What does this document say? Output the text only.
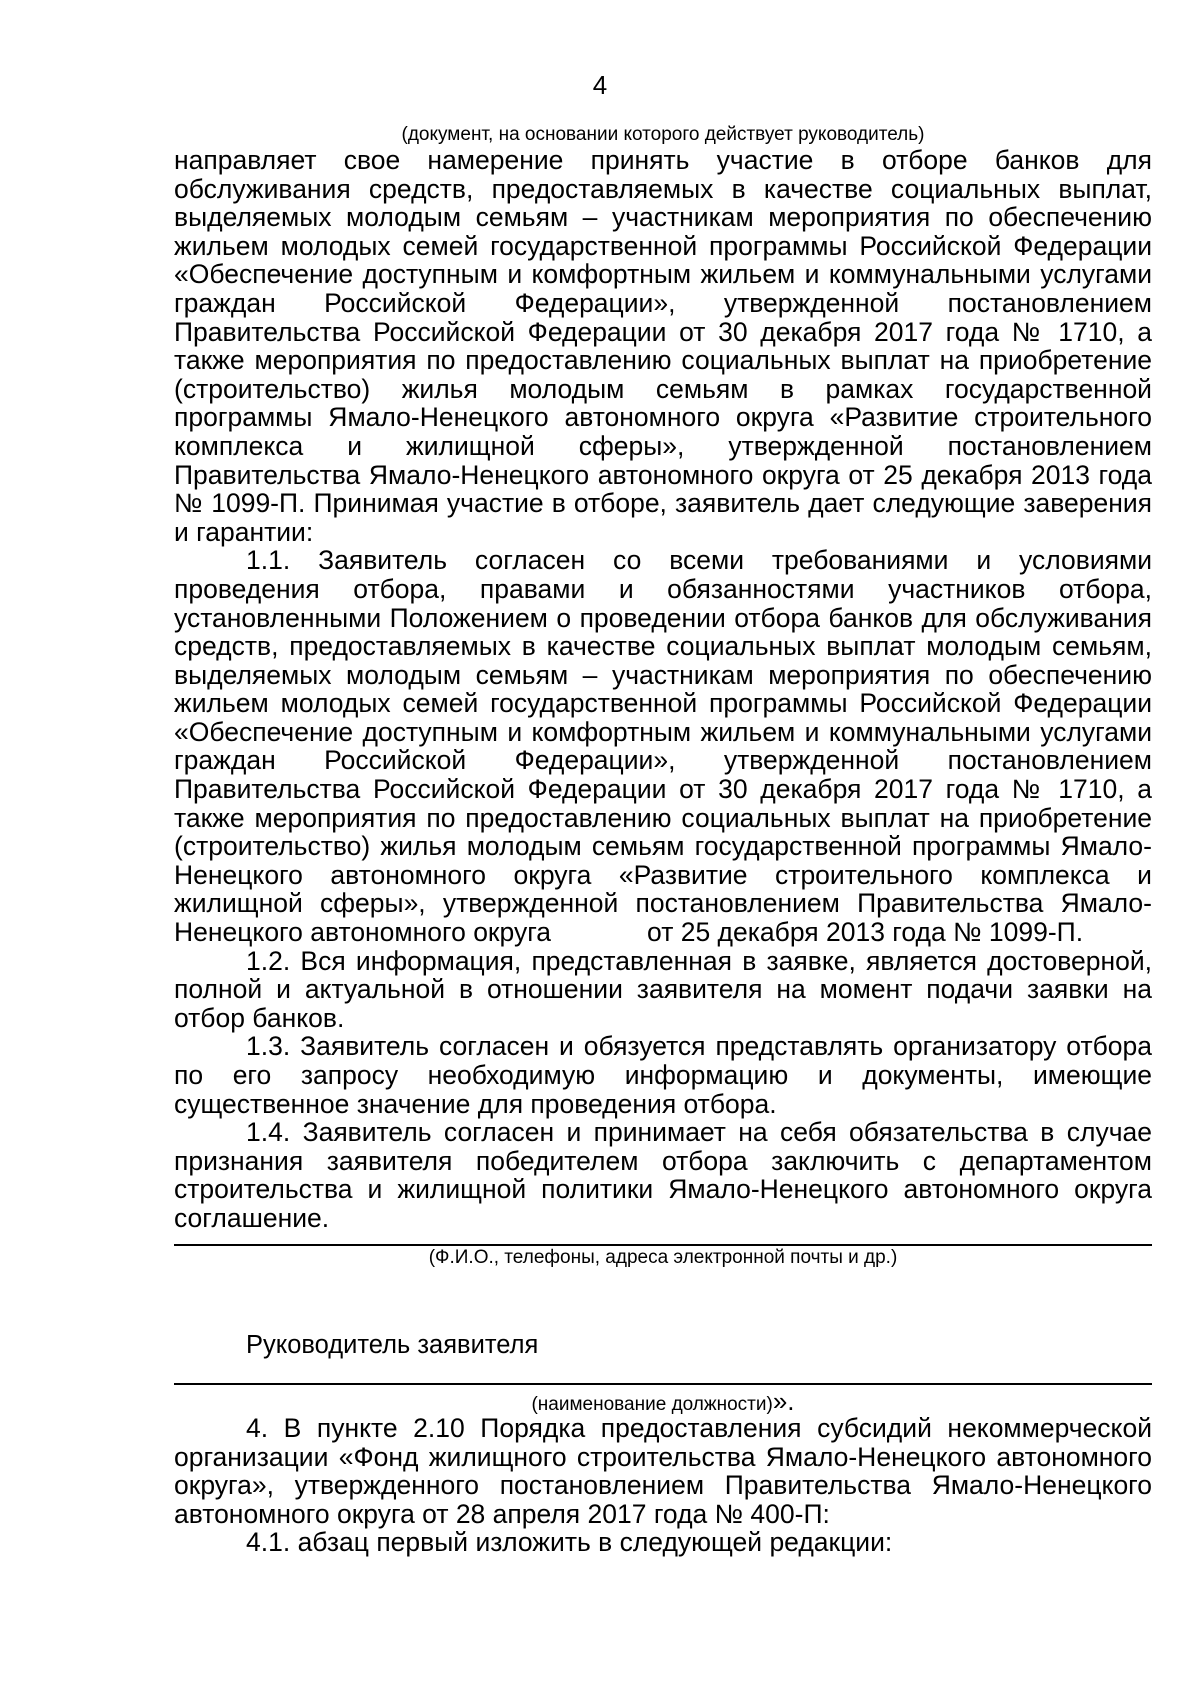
4
(документ, на основании которого действует руководитель)

направляет свое намерение принять участие в отборе банков для обслуживания средств, предоставляемых в качестве социальных выплат, выделяемых молодым семьям – участникам мероприятия по обеспечению жильем молодых семей государственной программы Российской Федерации «Обеспечение доступным и комфортным жильем и коммунальными услугами граждан Российской Федерации», утвержденной постановлением Правительства Российской Федерации от 30 декабря 2017 года № 1710, а также мероприятия по предоставлению социальных выплат на приобретение (строительство) жилья молодым семьям в рамках государственной программы Ямало-Ненецкого автономного округа «Развитие строительного комплекса и жилищной сферы», утвержденной постановлением Правительства Ямало-Ненецкого автономного округа от 25 декабря 2013 года № 1099-П. Принимая участие в отборе, заявитель дает следующие заверения и гарантии:

1.1. Заявитель согласен со всеми требованиями и условиями проведения отбора, правами и обязанностями участников отбора, установленными Положением о проведении отбора банков для обслуживания средств, предоставляемых в качестве социальных выплат молодым семьям, выделяемых молодым семьям – участникам мероприятия по обеспечению жильем молодых семей государственной программы Российской Федерации «Обеспечение доступным и комфортным жильем и коммунальными услугами граждан Российской Федерации», утвержденной постановлением Правительства Российской Федерации от 30 декабря 2017 года № 1710, а также мероприятия по предоставлению социальных выплат на приобретение (строительство) жилья молодым семьям государственной программы Ямало-Ненецкого автономного округа «Развитие строительного комплекса и жилищной сферы», утвержденной постановлением Правительства Ямало-Ненецкого автономного округа	от 25 декабря 2013 года № 1099-П.

1.2. Вся информация, представленная в заявке, является достоверной, полной и актуальной в отношении заявителя на момент подачи заявки на отбор банков.

1.3. Заявитель согласен и обязуется представлять организатору отбора по его запросу необходимую информацию и документы, имеющие существенное значение для проведения отбора.

1.4. Заявитель согласен и принимает на себя обязательства в случае признания заявителя победителем отбора заключить с департаментом строительства и жилищной политики Ямало-Ненецкого автономного округа соглашение.

(Ф.И.О., телефоны, адреса электронной почты и др.)
Руководитель заявителя
(наименование должности)».

4. В пункте 2.10 Порядка предоставления субсидий некоммерческой организации «Фонд жилищного строительства Ямало-Ненецкого автономного округа», утвержденного постановлением Правительства Ямало-Ненецкого автономного округа от 28 апреля 2017 года № 400-П:

4.1. абзац первый изложить в следующей редакции:
